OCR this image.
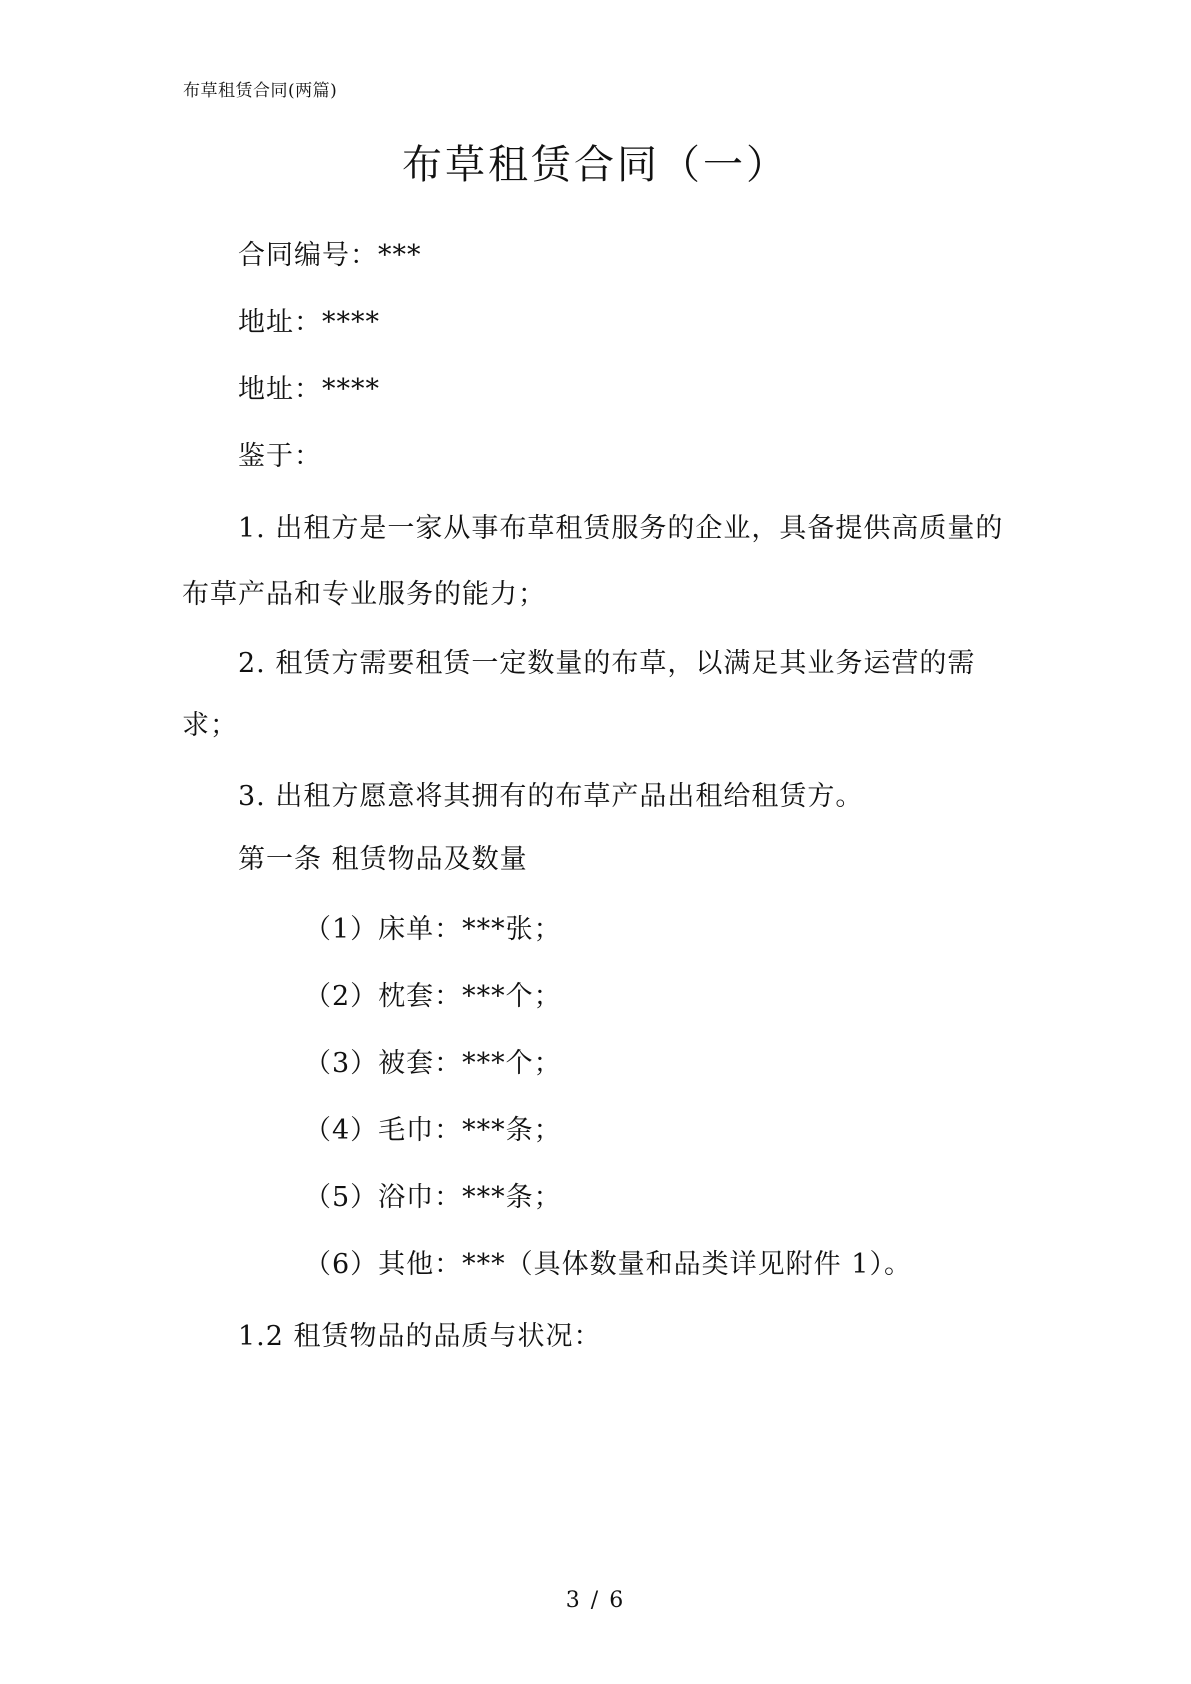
布草租赁合同(两篇)
布草租赁合同（一）
合同编号：***
地址：****
地址：****
鉴于：
1. 出租方是一家从事布草租赁服务的企业，具备提供高质量的
布草产品和专业服务的能力；
2. 租赁方需要租赁一定数量的布草，以满足其业务运营的需
求；
3. 出租方愿意将其拥有的布草产品出租给租赁方。
第一条 租赁物品及数量
（1）床单：***张；
（2）枕套：***个；
（3）被套：***个；
（4）毛巾：***条；
（5）浴巾：***条；
（6）其他：***（具体数量和品类详见附件 1）。
1.2 租赁物品的品质与状况：
3 / 6
